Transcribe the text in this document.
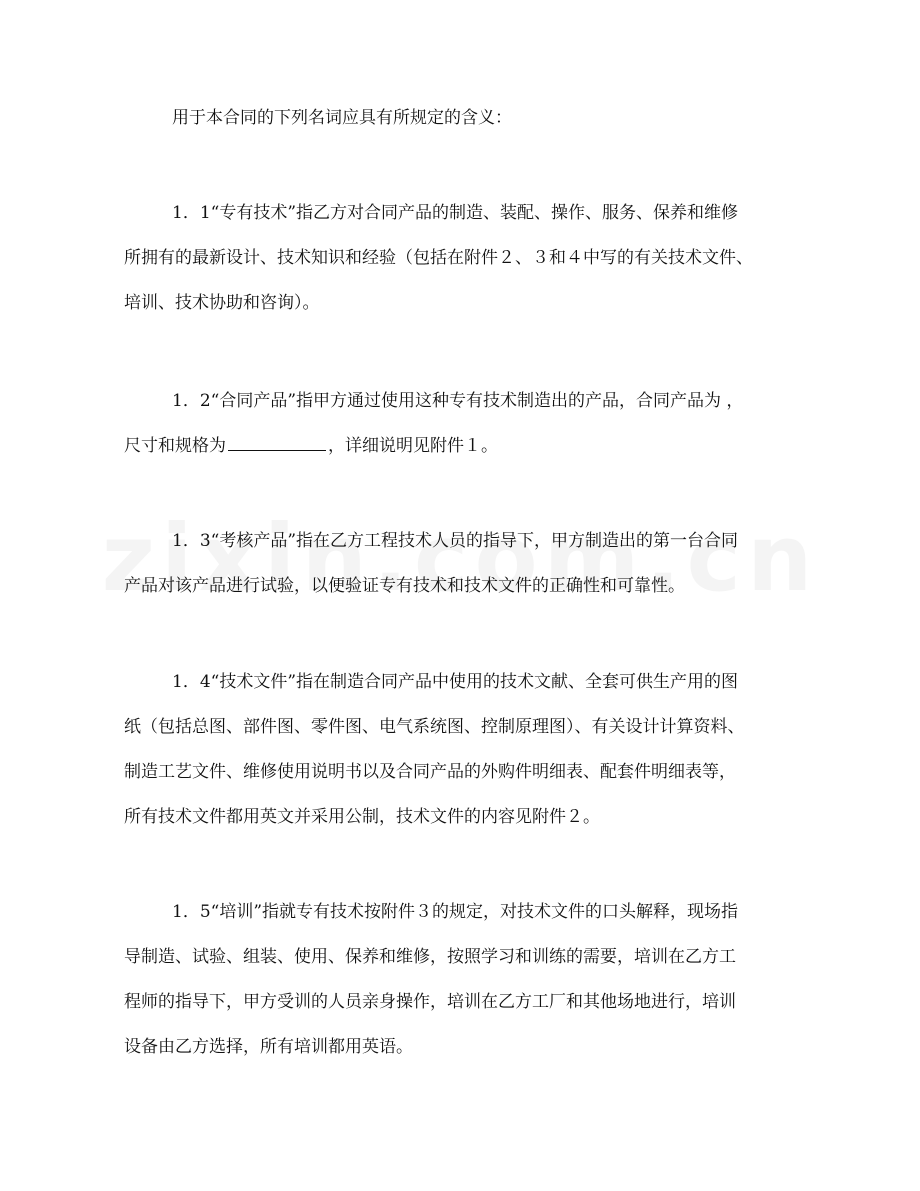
用于本合同的下列名词应具有所规定的含义：

1．1“专有技术”指乙方对合同产品的制造、装配、操作、服务、保养和维修
所拥有的最新设计、技术知识和经验（包括在附件２、３和４中写的有关技术文件、
培训、技术协助和咨询）。

1．2“合同产品”指甲方通过使用这种专有技术制造出的产品，合同产品为 ，
尺寸和规格为	，详细说明见附件１。

1．3“考核产品”指在乙方工程技术人员的指导下，甲方制造出的第一台合同
产品对该产品进行试验，以便验证专有技术和技术文件的正确性和可靠性。

1．4“技术文件”指在制造合同产品中使用的技术文献、全套可供生产用的图
纸（包括总图、部件图、零件图、电气系统图、控制原理图）、有关设计计算资料、
制造工艺文件、维修使用说明书以及合同产品的外购件明细表、配套件明细表等，
所有技术文件都用英文并采用公制，技术文件的内容见附件２。

1．5“培训”指就专有技术按附件３的规定，对技术文件的口头解释，现场指
导制造、试验、组装、使用、保养和维修，按照学习和训练的需要，培训在乙方工
程师的指导下，甲方受训的人员亲身操作，培训在乙方工厂和其他场地进行，培训
设备由乙方选择，所有培训都用英语。
